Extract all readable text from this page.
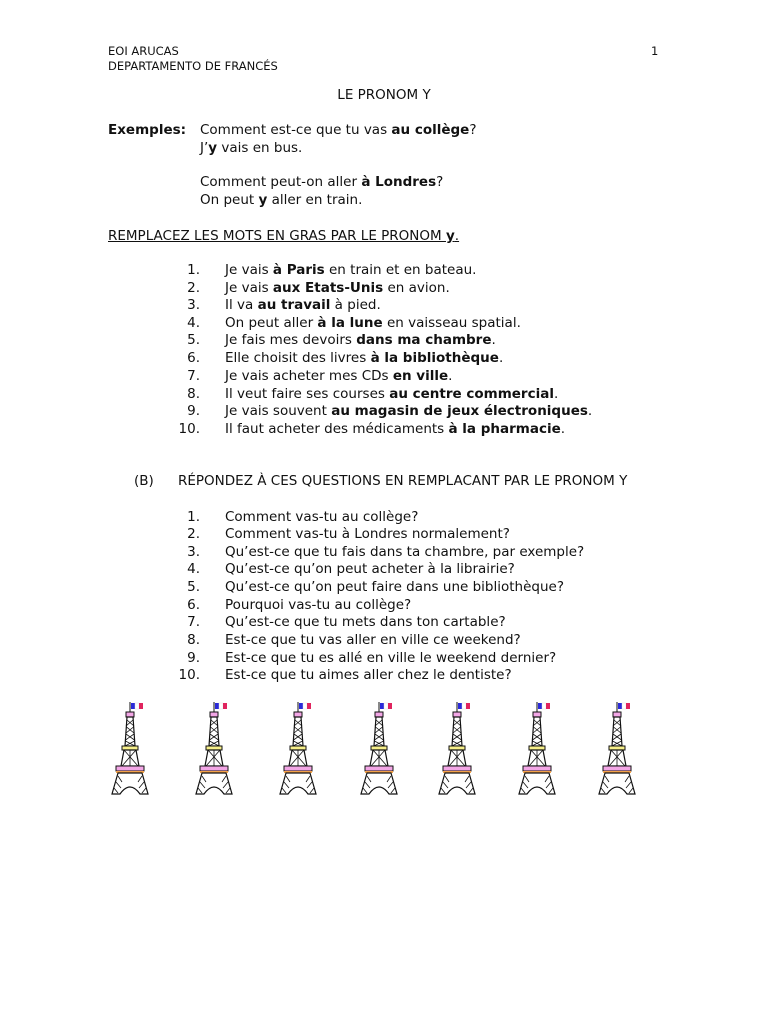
EOI ARUCAS
DEPARTAMENTO DE FRANCÉS
1
LE PRONOM Y
Exemples: Comment est-ce que tu vas au collège?
J’y vais en bus.
Comment peut-on aller à Londres?
On peut y aller en train.
REMPLACEZ LES MOTS EN GRAS PAR LE PRONOM y.
1. Je vais à Paris en train et en bateau.
2. Je vais aux Etats-Unis en avion.
3. Il va au travail à pied.
4. On peut aller à la lune en vaisseau spatial.
5. Je fais mes devoirs dans ma chambre.
6. Elle choisit des livres à la bibliothèque.
7. Je vais acheter mes CDs en ville.
8. Il veut faire ses courses au centre commercial.
9. Je vais souvent au magasin de jeux électroniques.
10. Il faut acheter des médicaments à la pharmacie.
(B) RÉPONDEZ À CES QUESTIONS EN REMPLACANT PAR LE PRONOM Y
1. Comment vas-tu au collège?
2. Comment vas-tu à Londres normalement?
3. Qu’est-ce que tu fais dans ta chambre, par exemple?
4. Qu’est-ce qu’on peut acheter à la librairie?
5. Qu’est-ce qu’on peut faire dans une bibliothèque?
6. Pourquoi vas-tu au collège?
7. Qu’est-ce que tu mets dans ton cartable?
8. Est-ce que tu vas aller en ville ce weekend?
9. Est-ce que tu es allé en ville le weekend dernier?
10. Est-ce que tu aimes aller chez le dentiste?
